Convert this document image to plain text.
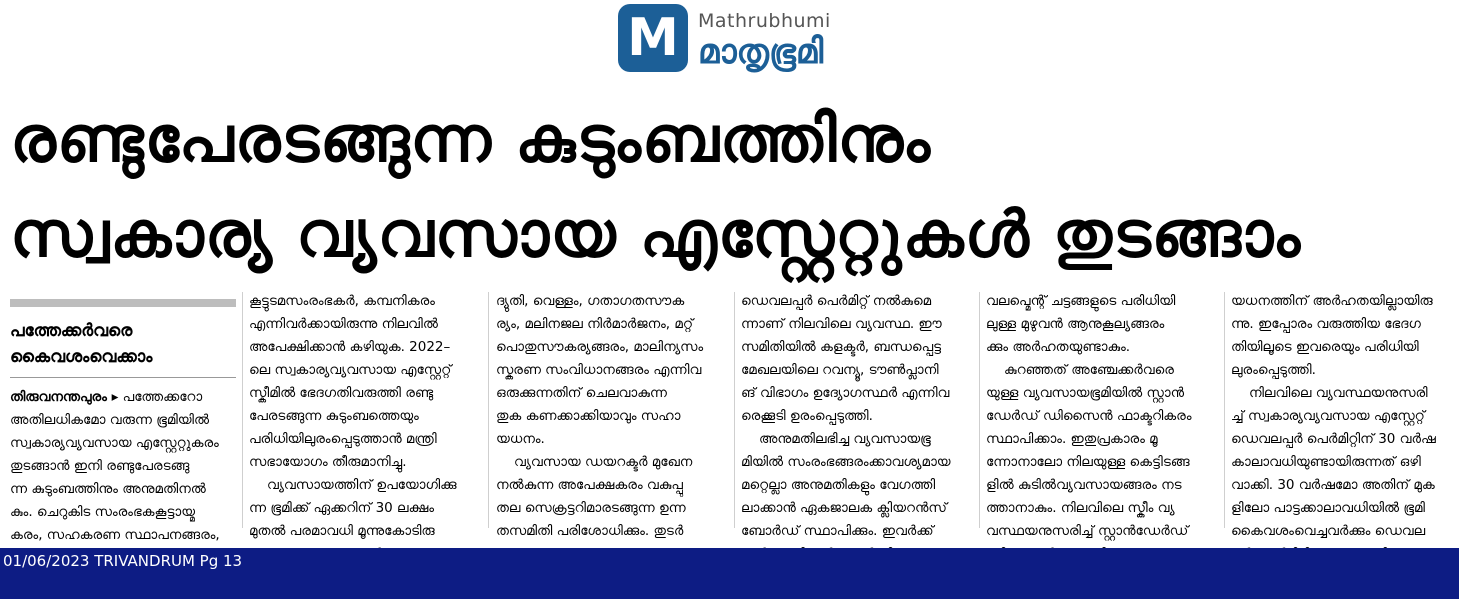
M	Mathrubhumi
മാതൃഭൂമി
രണ്ടുപേരടങ്ങുന്ന കുടുംബത്തിനും
സ്വകാര്യ വ്യവസായ എസ്റ്റേറ്റുകൾ തുടങ്ങാം
പത്തേക്കർവരെ
കൈവശംവെക്കാം

തിരുവനന്തപുരം ▸ പത്തേക്കറോ

അതിലധികമോ വരുന്ന ഭൂമിയിൽ

സ്വകാര്യവ്യവസായ എസ്റ്റേറ്റുകരം

തുടങ്ങാൻ ഇനി രണ്ടുപേരടങ്ങു

ന്ന കുടുംബത്തിനും അനുമതിനൽ

കും. ചെറുകിട സംരംഭകകൂട്ടായ്മ

കരം, സഹകരണ സ്ഥാപനങ്ങരം,

കൂട്ടുടമസംരംഭകർ, കമ്പനികരം

എന്നിവർക്കായിരുന്നു നിലവിൽ

അപേക്ഷിക്കാൻ കഴിയുക. 2022–

ലെ സ്വകാര്യവ്യവസായ എസ്റ്റേറ്റ്

സ്കീമിൽ ഭേദഗതിവരുത്തി രണ്ടു

പേരടങ്ങുന്ന കുടുംബത്തെയും

പരിധിയിലുരംപ്പെടുത്താൻ മന്ത്രി

സഭായോഗം തീരുമാനിച്ചു.

വ്യവസായത്തിന് ഉപയോഗിക്കു

ന്ന ഭൂമിക്ക് ഏക്കറിന് 30 ലക്ഷം

മുതൽ പരമാവധി മൂന്നുകോടിരു

ദ്യുതി, വെള്ളം, ഗതാഗതസൗക

ര്യം, മലിനജല നിർമാർജനം, മറ്റ്

പൊതുസൗകര്യങ്ങരം, മാലിന്യസം

സ്കരണ സംവിധാനങ്ങരം എന്നിവ

ഒരുക്കുന്നതിന് ചെലവാകുന്ന

തുക കണക്കാക്കിയാവും സഹാ

യധനം.

വ്യവസായ ഡയറക്ടർ മുഖേന

നൽകുന്ന അപേക്ഷകരം വകുപ്പു

തല സെക്രട്ടറിമാരടങ്ങുന്ന ഉന്ന

തസമിതി പരിശോധിക്കും. തുടർ

ഡെവലപ്പർ പെർമിറ്റ് നൽകുമെ

ന്നാണ് നിലവിലെ വ്യവസ്ഥ. ഈ

സമിതിയിൽ കളക്ടർ, ബന്ധപ്പെട്ട

മേഖലയിലെ റവന്യൂ, ടൗൺപ്ലാനി

ങ് വിഭാഗം ഉദ്യോഗസ്ഥർ എന്നിവ

രെക്കൂടി ഉരംപ്പെടുത്തി.

അനുമതിലഭിച്ച വ്യവസായഭൂ

മിയിൽ സംരംഭങ്ങരംക്കാവശ്യമായ

മറ്റെല്ലാ അനുമതികളും വേഗത്തി

ലാക്കാൻ ഏകജാലക ക്ലിയറൻസ്

ബോർഡ് സ്ഥാപിക്കും. ഇവർക്ക്

വലപ്മെന്റ് ചട്ടങ്ങളുടെ പരിധിയി

ലുള്ള മുഴുവൻ ആനുകൂല്യങ്ങരം

ക്കും അർഹതയുണ്ടാകും.

കുറഞ്ഞത് അഞ്ചേക്കർവരെ

യുള്ള വ്യവസായഭൂമിയിൽ സ്റ്റാൻ

ഡേർഡ് ഡിസൈൻ ഫാക്ടറികരം

സ്ഥാപിക്കാം. ഇതുപ്രകാരം മൂ

ന്നോനാലോ നിലയുള്ള കെട്ടിടങ്ങ

ളിൽ കുടിൽവ്യവസായങ്ങരം നട

ത്താനാകും. നിലവിലെ സ്കീം വ്യ

വസ്ഥയനുസരിച്ച് സ്റ്റാൻഡേർഡ്

യധനത്തിന് അർഹതയില്ലായിരു

ന്നു. ഇപ്പോരം വരുത്തിയ ഭേദഗ

തിയിലൂടെ ഇവരെയും പരിധിയി

ലുരംപ്പെടുത്തി.

നിലവിലെ വ്യവസ്ഥയനുസരി

ച്ച് സ്വകാര്യവ്യവസായ എസ്റ്റേറ്റ്

ഡെവലപ്പർ പെർമിറ്റിന് 30 വർഷ

കാലാവധിയുണ്ടായിരുന്നത് ഒഴി

വാക്കി. 30 വർഷമോ അതിന് മുക

ളിലോ പാട്ടക്കാലാവധിയിൽ ഭൂമി

കൈവശംവെച്ചവർക്കും ഡെവല

01/06/2023 TRIVANDRUM Pg 13
